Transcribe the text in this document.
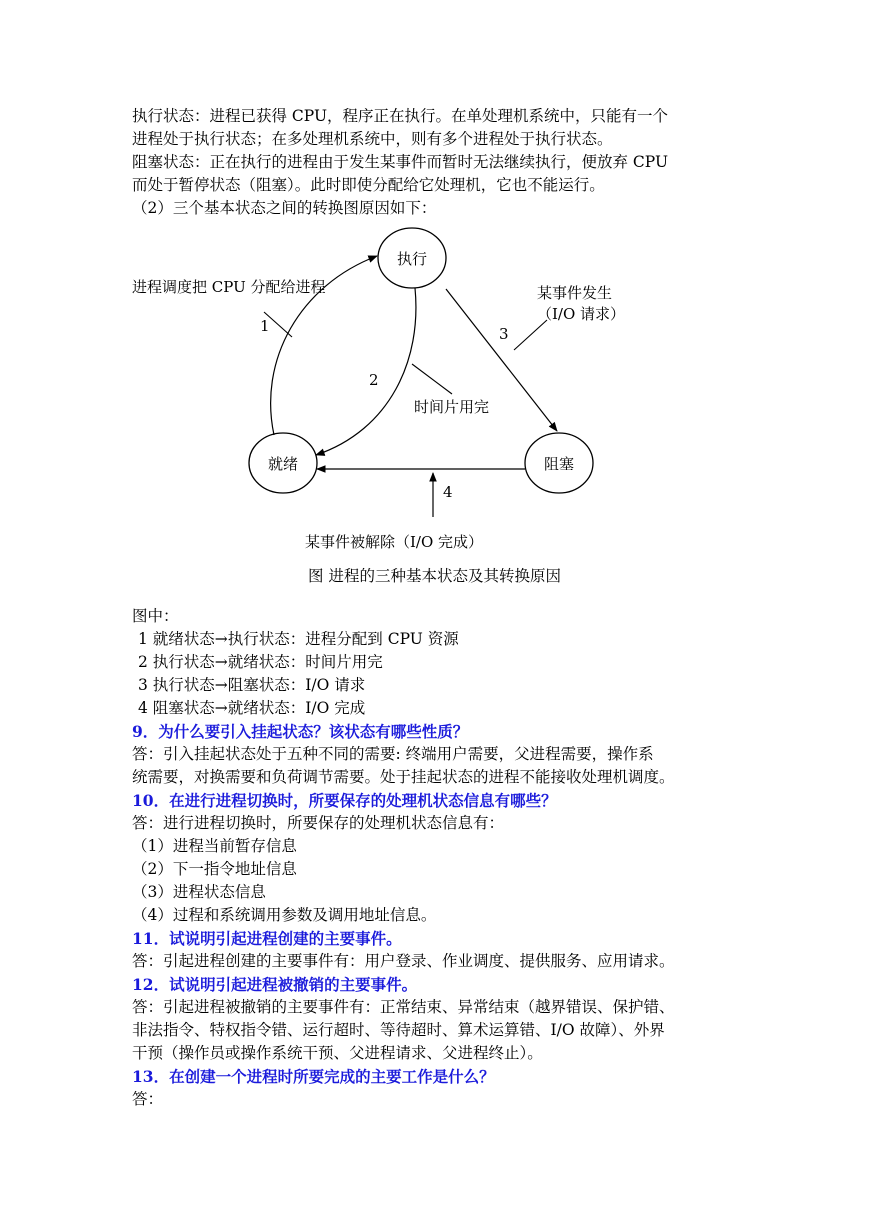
执行状态：进程已获得 CPU，程序正在执行。在单处理机系统中，只能有一个
进程处于执行状态；在多处理机系统中，则有多个进程处于执行状态。
阻塞状态：正在执行的进程由于发生某事件而暂时无法继续执行，便放弃 CPU
而处于暂停状态（阻塞）。此时即使分配给它处理机，它也不能运行。
（2）三个基本状态之间的转换图原因如下：
执行
就绪	阻塞
1
2
3
4
进程调度把 CPU 分配给进程
时间片用完
某事件发生
（I/O 请求）
某事件被解除（I/O 完成）
图 进程的三种基本状态及其转换原因
图中：
1 就绪状态→执行状态：进程分配到 CPU 资源
2 执行状态→就绪状态：时间片用完
3 执行状态→阻塞状态：I/O 请求
4 阻塞状态→就绪状态：I/O 完成
9．为什么要引入挂起状态？该状态有哪些性质？
答：引入挂起状态处于五种不同的需要: 终端用户需要，父进程需要，操作系
统需要，对换需要和负荷调节需要。处于挂起状态的进程不能接收处理机调度。
10．在进行进程切换时，所要保存的处理机状态信息有哪些？
答：进行进程切换时，所要保存的处理机状态信息有：
（1）进程当前暂存信息
（2）下一指令地址信息
（3）进程状态信息
（4）过程和系统调用参数及调用地址信息。
11．试说明引起进程创建的主要事件。
答：引起进程创建的主要事件有：用户登录、作业调度、提供服务、应用请求。
12．试说明引起进程被撤销的主要事件。
答：引起进程被撤销的主要事件有：正常结束、异常结束（越界错误、保护错、
非法指令、特权指令错、运行超时、等待超时、算术运算错、I/O 故障）、外界
干预（操作员或操作系统干预、父进程请求、父进程终止）。
13．在创建一个进程时所要完成的主要工作是什么？
答：
